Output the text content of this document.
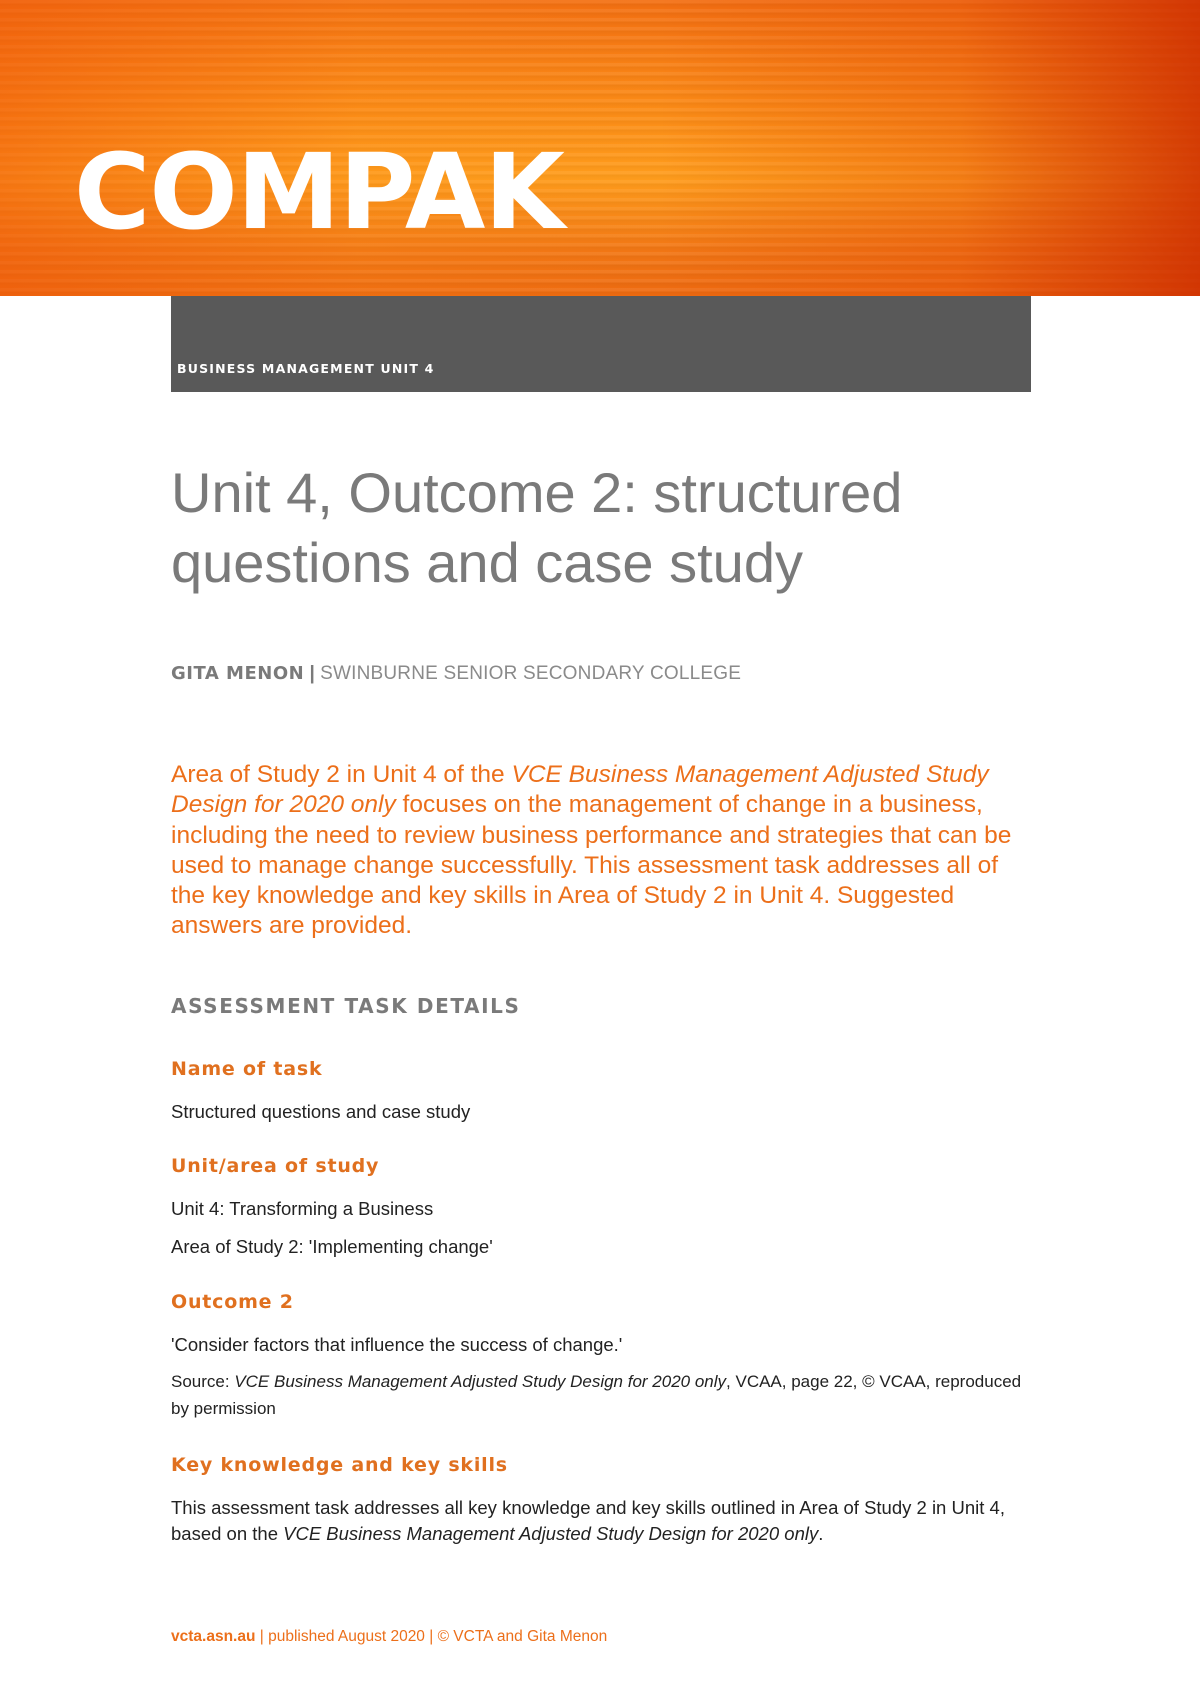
COMPAK
BUSINESS MANAGEMENT UNIT 4
Unit 4, Outcome 2: structured questions and case study
GITA MENON | SWINBURNE SENIOR SECONDARY COLLEGE

Area of Study 2 in Unit 4 of the VCE Business Management Adjusted Study Design for 2020 only focuses on the management of change in a business, including the need to review business performance and strategies that can be used to manage change successfully. This assessment task addresses all of the key knowledge and key skills in Area of Study 2 in Unit 4. Suggested answers are provided.

ASSESSMENT TASK DETAILS
Name of task

Structured questions and case study

Unit/area of study

Unit 4: Transforming a Business

Area of Study 2: 'Implementing change'

Outcome 2

'Consider factors that influence the success of change.'

Source: VCE Business Management Adjusted Study Design for 2020 only, VCAA, page 22, © VCAA, reproduced by permission

Key knowledge and key skills

This assessment task addresses all key knowledge and key skills outlined in Area of Study 2 in Unit 4, based on the VCE Business Management Adjusted Study Design for 2020 only.

vcta.asn.au | published August 2020 | © VCTA and Gita Menon
